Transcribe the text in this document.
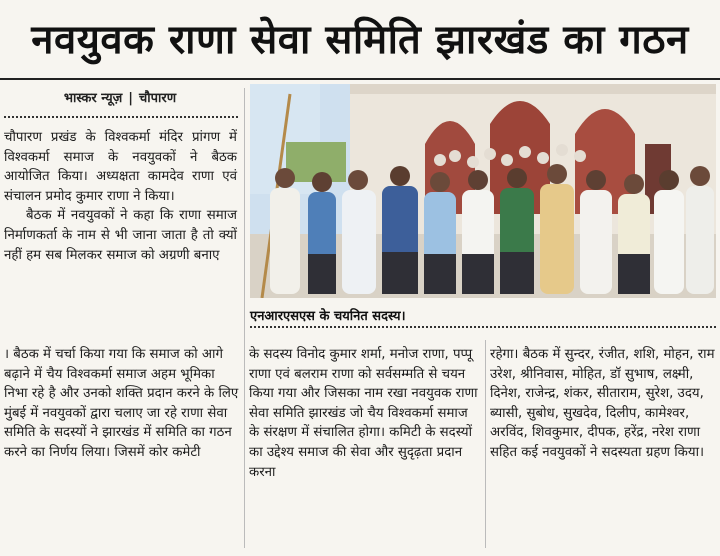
नवयुवक राणा सेवा समिति झारखंड का गठन
भास्कर न्यूज़ | चौपारण

चौपारण प्रखंड के विश्वकर्मा मंदिर प्रांगण में विश्वकर्मा समाज के नवयुवकों ने बैठक आयोजित किया। अध्यक्षता कामदेव राणा एवं संचालन प्रमोद कुमार राणा ने किया।

बैठक में नवयुवकों ने कहा कि राणा समाज निर्माणकर्ता के नाम से भी जाना जाता है तो क्यों नहीं हम सब मिलकर समाज को अग्रणी बनाए

एनआरएसएस के चयनित सदस्य।
। बैठक में चर्चा किया गया कि समाज को आगे बढ़ाने में चैय विश्वकर्मा समाज अहम भूमिका निभा रहे है और उनको शक्ति प्रदान करने के लिए मुंबई में नवयुवकों द्वारा चलाए जा रहे राणा सेवा समिति के सदस्यों ने झारखंड में समिति का गठन करने का निर्णय लिया। जिसमें कोर कमेटी
के सदस्य विनोद कुमार शर्मा, मनोज राणा, पप्पू राणा एवं बलराम राणा को सर्वसम्मति से चयन किया गया और जिसका नाम रखा नवयुवक राणा सेवा समिति झारखंड जो चैय विश्वकर्मा समाज के संरक्षण में संचालित होगा। कमिटी के सदस्यों का उद्देश्य समाज की सेवा और सुदृढ़ता प्रदान करना
रहेगा। बैठक में सुन्दर, रंजीत, शशि, मोहन, राम उरेश, श्रीनिवास, मोहित, डॉ सुभाष, लक्ष्मी, दिनेश, राजेन्द्र, शंकर, सीताराम, सुरेश, उदय, ब्यासी, सुबोध, सुखदेव, दिलीप, कामेश्वर, अरविंद, शिवकुमार, दीपक, हरेंद्र, नरेश राणा सहित कई नवयुवकों ने सदस्यता ग्रहण किया।
